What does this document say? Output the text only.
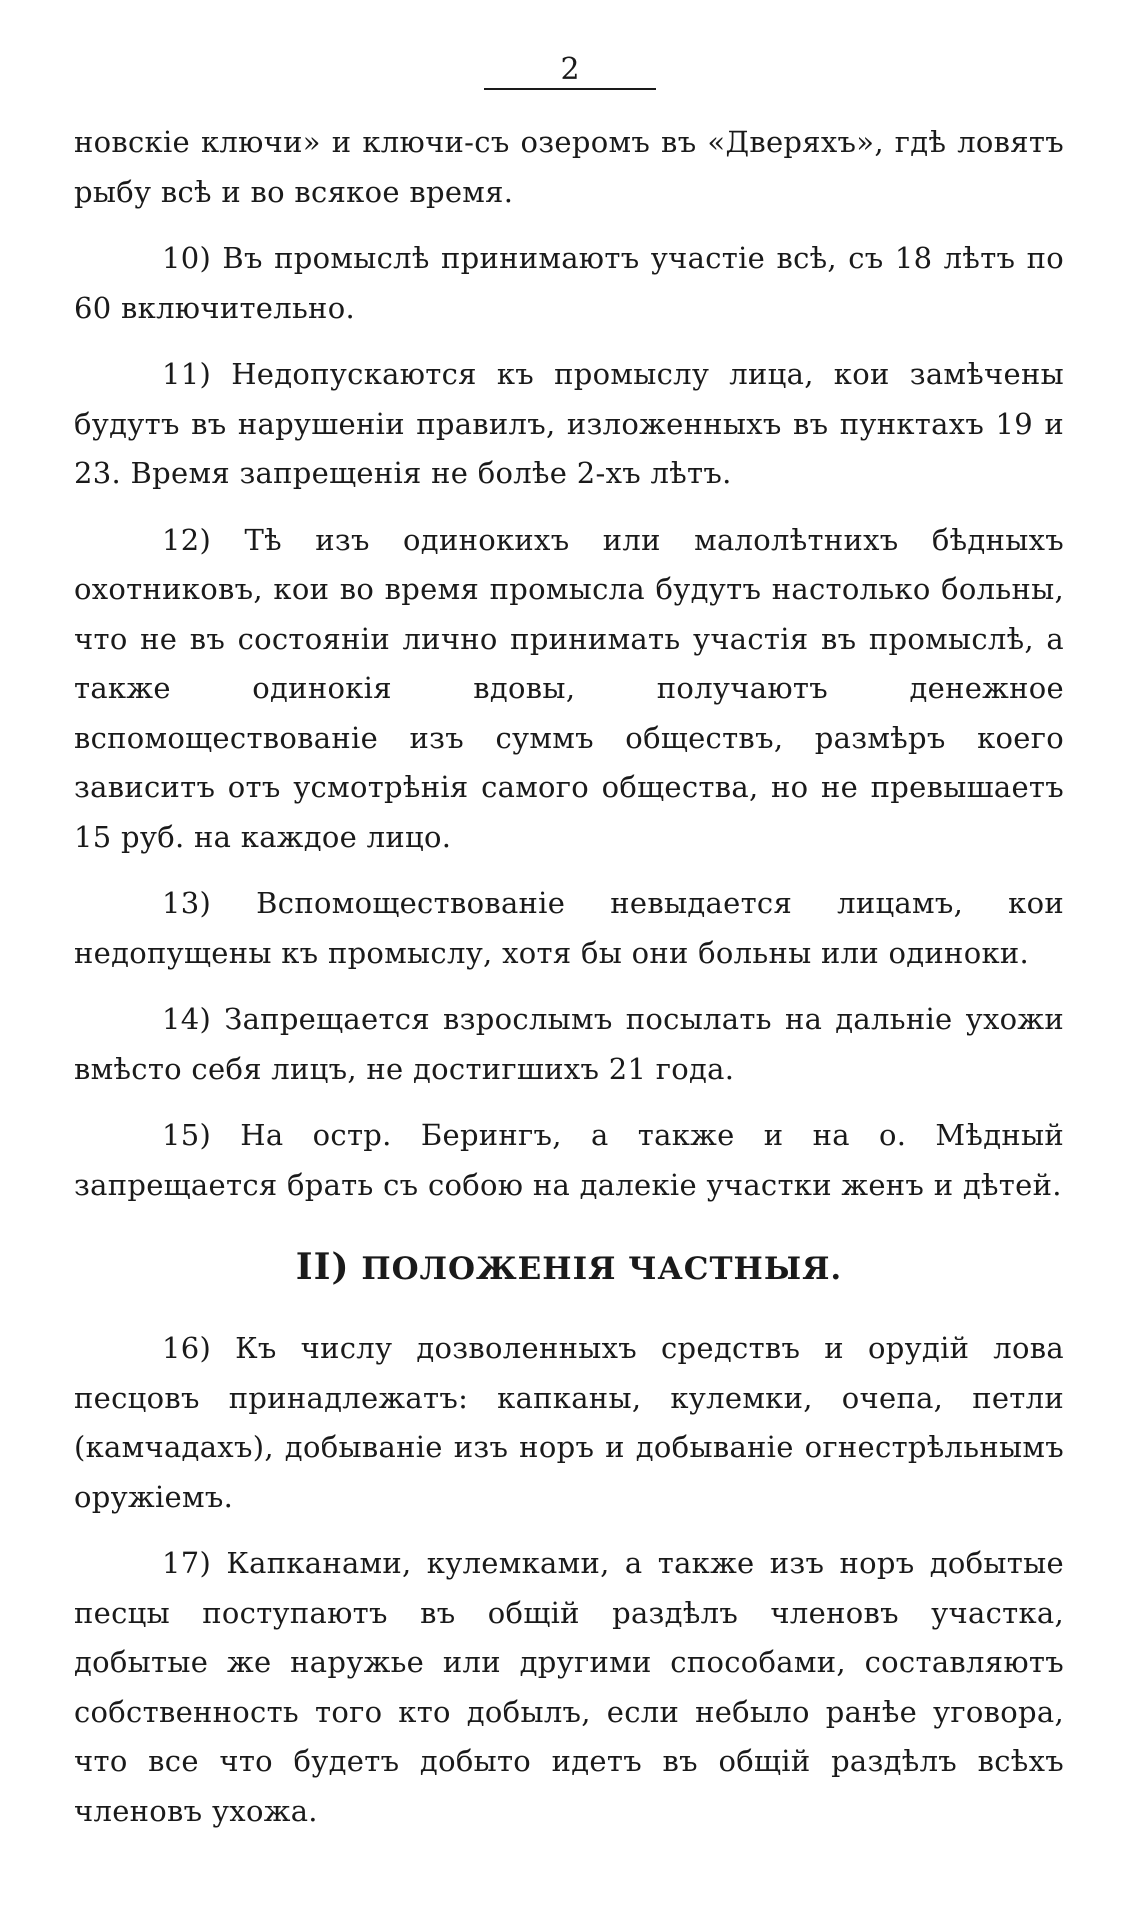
2

новскіе ключи» и ключи-съ озеромъ въ «Дверяхъ», гдѣ ловятъ рыбу всѣ и во всякое время.

10) Въ промыслѣ принимаютъ участіе всѣ, съ 18 лѣтъ по 60 включительно.

11) Недопускаются къ промыслу лица, кои замѣчены будутъ въ нарушеніи правилъ, изложенныхъ въ пунктахъ 19 и 23. Время запрещенія не болѣе 2-хъ лѣтъ.

12) Тѣ изъ одинокихъ или малолѣтнихъ бѣдныхъ охотниковъ, кои во время промысла будутъ настолько больны, что не въ состояніи лично принимать участія въ промыслѣ, а также одинокія вдовы, получаютъ денежное вспомоществованіе изъ суммъ обществъ, размѣръ коего зависитъ отъ усмотрѣнія самого общества, но не превышаетъ 15 руб. на каждое лицо.

13) Вспомоществованіе невыдается лицамъ, кои недопущены къ промыслу, хотя бы они больны или одиноки.

14) Запрещается взрослымъ посылать на дальніе ухожи вмѣсто себя лицъ, не достигшихъ 21 года.

15) На остр. Берингъ, а также и на о. Мѣдный запрещается брать съ собою на далекіе участки женъ и дѣтей.

II) ПОЛОЖЕНІЯ ЧАСТНЫЯ.

16) Къ числу дозволенныхъ средствъ и орудій лова песцовъ принадлежатъ: капканы, кулемки, очепа, петли (камчадахъ), добываніе изъ норъ и добываніе огнестрѣльнымъ оружіемъ.

17) Капканами, кулемками, а также изъ норъ добытые песцы поступаютъ въ общій раздѣлъ членовъ участка, добытые же наружье или другими способами, составляютъ собственность того кто добылъ, если небыло ранѣе уговора, что все что будетъ добыто идетъ въ общій раздѣлъ всѣхъ членовъ ухожа.
